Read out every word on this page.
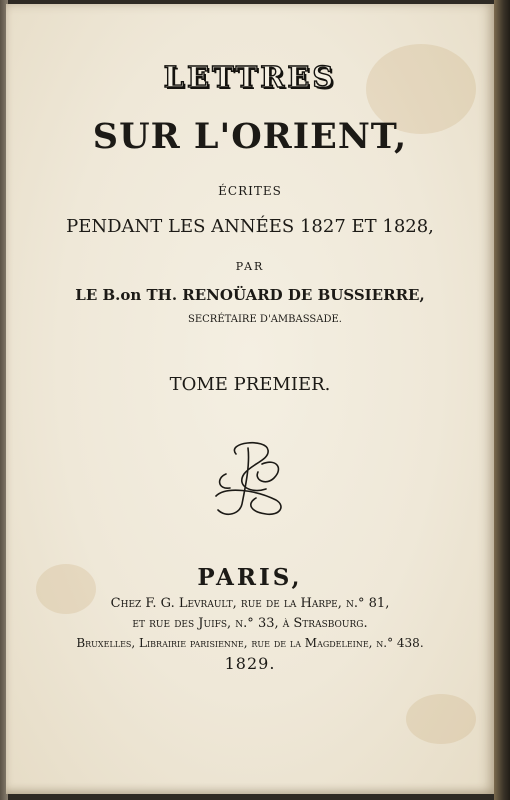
LETTRES
SUR L'ORIENT,
ÉCRITES
PENDANT LES ANNÉES 1827 ET 1828,
PAR
LE B.on TH. RENOÜARD DE BUSSIERRE,
SECRÉTAIRE D'AMBASSADE.
TOME PREMIER.
PARIS,
Chez F. G. Levrault, rue de la Harpe, n.° 81,
et rue des Juifs, n.° 33, à Strasbourg.
Bruxelles, Librairie parisienne, rue de la Magdeleine, n.° 438.
1829.
